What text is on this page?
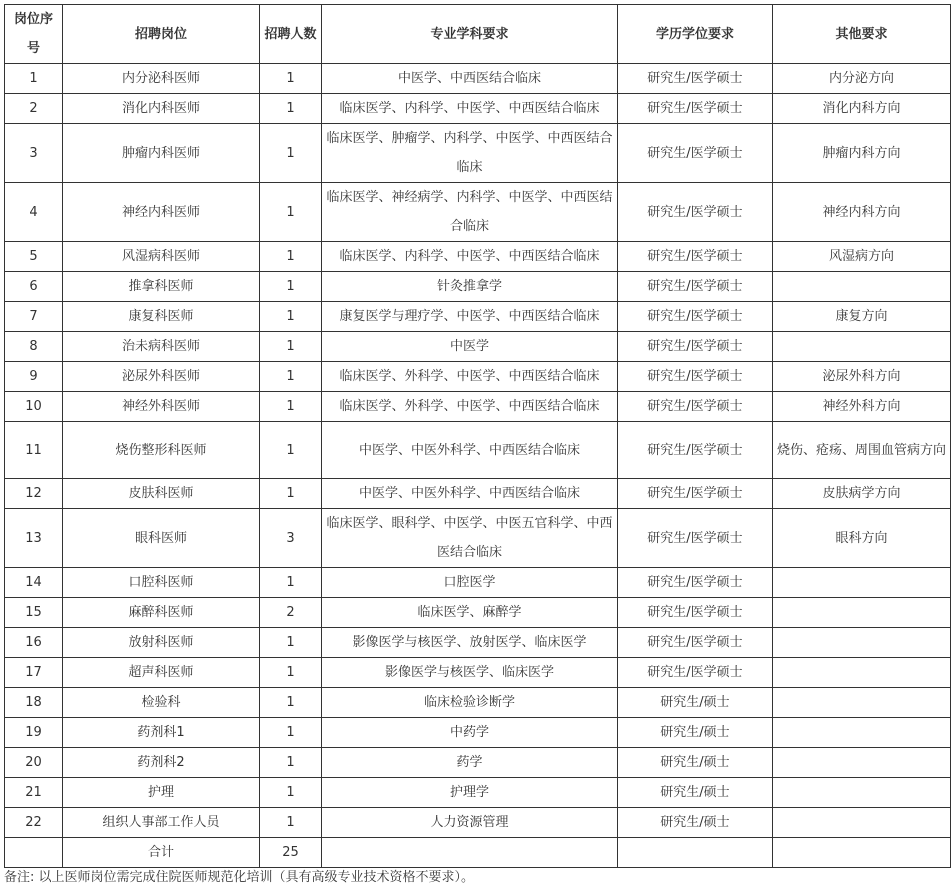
岗位序号	招聘岗位	招聘人数	专业学科要求	学历学位要求	其他要求
1	内分泌科医师	1	中医学、中西医结合临床	研究生/医学硕士	内分泌方向
2	消化内科医师	1	临床医学、内科学、中医学、中西医结合临床	研究生/医学硕士	消化内科方向
3	肿瘤内科医师	1	临床医学、肿瘤学、内科学、中医学、中西医结合临床	研究生/医学硕士	肿瘤内科方向
4	神经内科医师	1	临床医学、神经病学、内科学、中医学、中西医结合临床	研究生/医学硕士	神经内科方向
5	风湿病科医师	1	临床医学、内科学、中医学、中西医结合临床	研究生/医学硕士	风湿病方向
6	推拿科医师	1	针灸推拿学	研究生/医学硕士	
7	康复科医师	1	康复医学与理疗学、中医学、中西医结合临床	研究生/医学硕士	康复方向
8	治未病科医师	1	中医学	研究生/医学硕士	
9	泌尿外科医师	1	临床医学、外科学、中医学、中西医结合临床	研究生/医学硕士	泌尿外科方向
10	神经外科医师	1	临床医学、外科学、中医学、中西医结合临床	研究生/医学硕士	神经外科方向
11	烧伤整形科医师	1	中医学、中医外科学、中西医结合临床	研究生/医学硕士	烧伤、疮疡、周围血管病方向
12	皮肤科医师	1	中医学、中医外科学、中西医结合临床	研究生/医学硕士	皮肤病学方向
13	眼科医师	3	临床医学、眼科学、中医学、中医五官科学、中西医结合临床	研究生/医学硕士	眼科方向
14	口腔科医师	1	口腔医学	研究生/医学硕士	
15	麻醉科医师	2	临床医学、麻醉学	研究生/医学硕士	
16	放射科医师	1	影像医学与核医学、放射医学、临床医学	研究生/医学硕士	
17	超声科医师	1	影像医学与核医学、临床医学	研究生/医学硕士	
18	检验科	1	临床检验诊断学	研究生/硕士	
19	药剂科1	1	中药学	研究生/硕士	
20	药剂科2	1	药学	研究生/硕士	
21	护理	1	护理学	研究生/硕士	
22	组织人事部工作人员	1	人力资源管理	研究生/硕士	
	合计	25			
备注: 以上医师岗位需完成住院医师规范化培训（具有高级专业技术资格不要求）。
